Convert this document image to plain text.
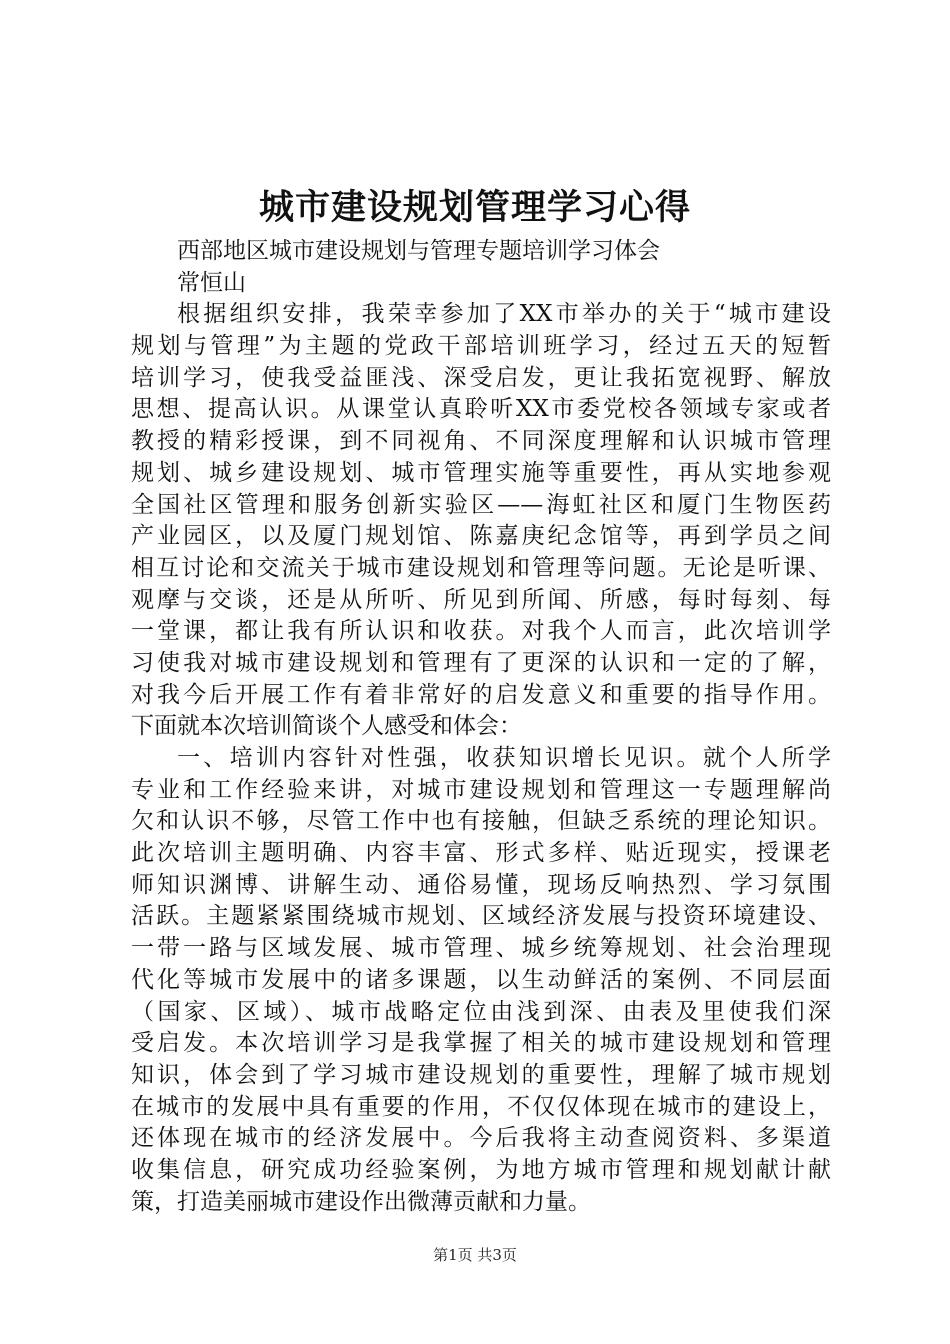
城市建设规划管理学习心得
西部地区城市建设规划与管理专题培训学习体会
常恒山
根据组织安排，我荣幸参加了XX市举办的关于“城市建设
规划与管理”为主题的党政干部培训班学习，经过五天的短暂
培训学习，使我受益匪浅、深受启发，更让我拓宽视野、解放
思想、提高认识。从课堂认真聆听XX市委党校各领域专家或者
教授的精彩授课，到不同视角、不同深度理解和认识城市管理
规划、城乡建设规划、城市管理实施等重要性，再从实地参观
全国社区管理和服务创新实验区——海虹社区和厦门生物医药
产业园区，以及厦门规划馆、陈嘉庚纪念馆等，再到学员之间
相互讨论和交流关于城市建设规划和管理等问题。无论是听课、
观摩与交谈，还是从所听、所见到所闻、所感，每时每刻、每
一堂课，都让我有所认识和收获。对我个人而言，此次培训学
习使我对城市建设规划和管理有了更深的认识和一定的了解，
对我今后开展工作有着非常好的启发意义和重要的指导作用。
下面就本次培训简谈个人感受和体会：
一、培训内容针对性强，收获知识增长见识。就个人所学
专业和工作经验来讲，对城市建设规划和管理这一专题理解尚
欠和认识不够，尽管工作中也有接触，但缺乏系统的理论知识。
此次培训主题明确、内容丰富、形式多样、贴近现实，授课老
师知识渊博、讲解生动、通俗易懂，现场反响热烈、学习氛围
活跃。主题紧紧围绕城市规划、区域经济发展与投资环境建设、
一带一路与区域发展、城市管理、城乡统筹规划、社会治理现
代化等城市发展中的诸多课题，以生动鲜活的案例、不同层面
（国家、区域）、城市战略定位由浅到深、由表及里使我们深
受启发。本次培训学习是我掌握了相关的城市建设规划和管理
知识，体会到了学习城市建设规划的重要性，理解了城市规划
在城市的发展中具有重要的作用，不仅仅体现在城市的建设上，
还体现在城市的经济发展中。今后我将主动查阅资料、多渠道
收集信息，研究成功经验案例，为地方城市管理和规划献计献
策，打造美丽城市建设作出微薄贡献和力量。
第1页 共3页
